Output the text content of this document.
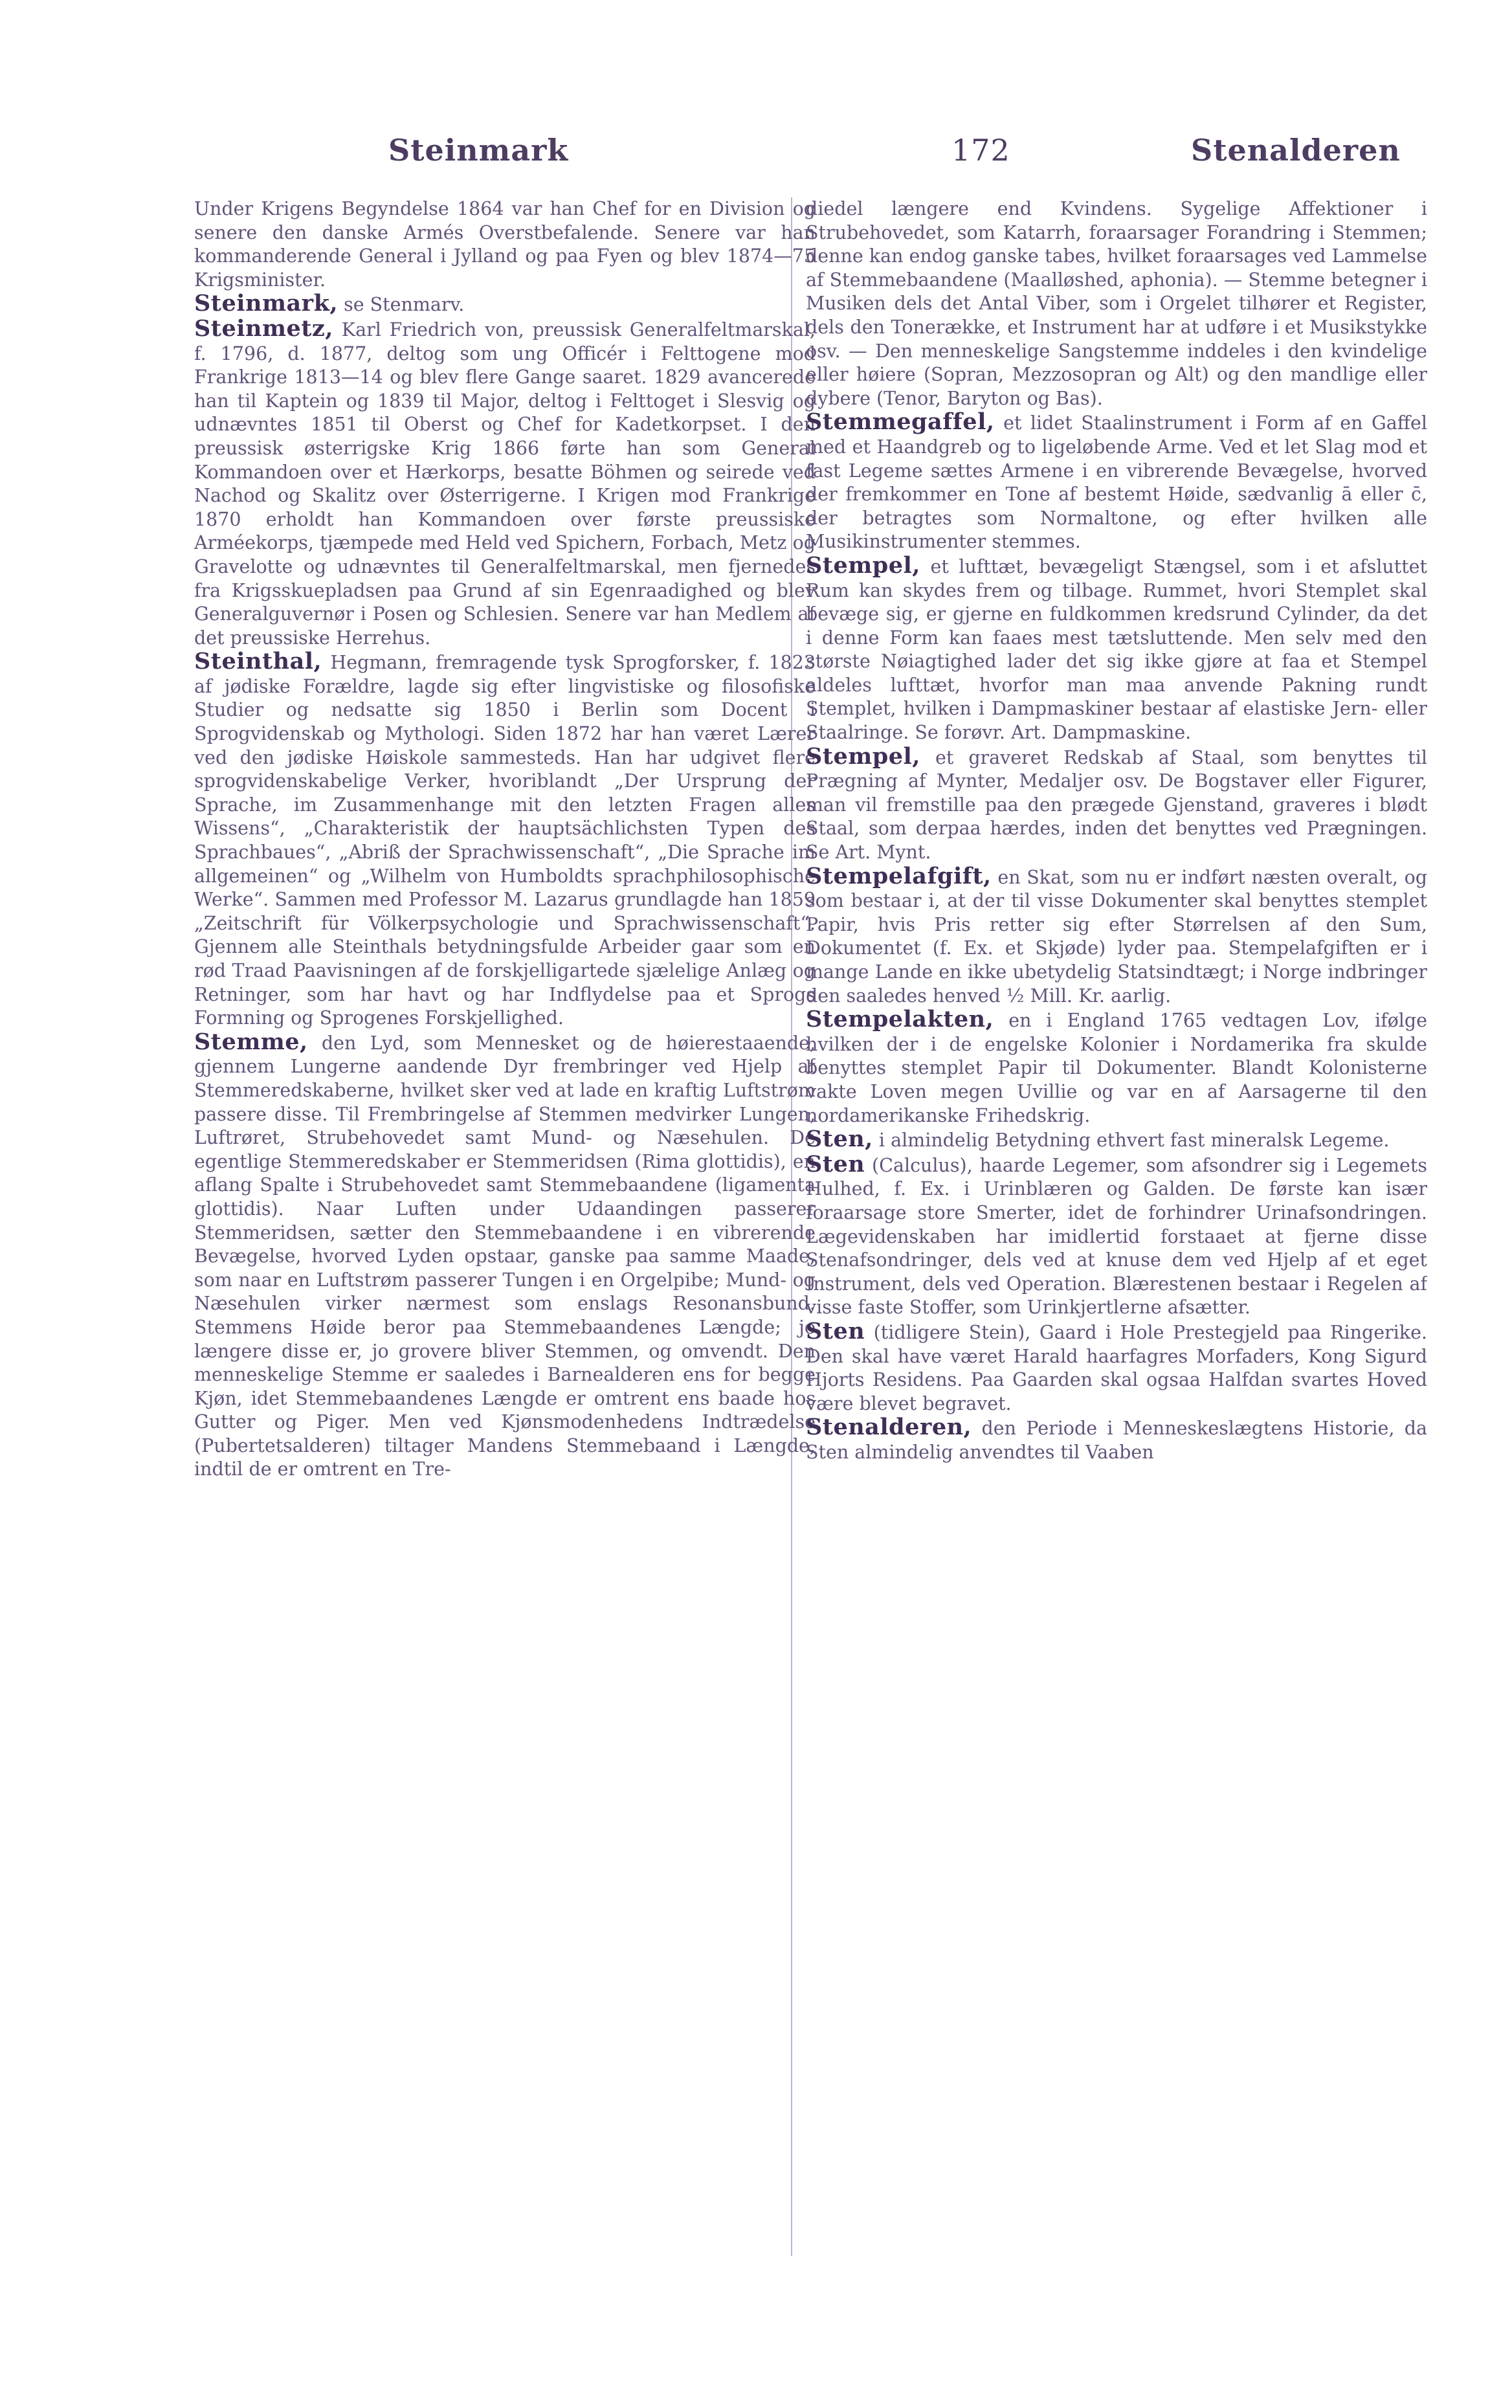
Steinmark	172	Stenalderen

Under Krigens Begyndelse 1864 var han Chef for en Division og senere den danske Armés Overstbefalende. Senere var han kommanderende General i Jylland og paa Fyen og blev 1874—75 Krigsminister.

Steinmark, se Stenmarv.

Steinmetz, Karl Friedrich von, preussisk Generalfeltmarskal, f. 1796, d. 1877, deltog som ung Officér i Felttogene mod Frankrige 1813—14 og blev flere Gange saaret. 1829 avancerede han til Kaptein og 1839 til Major, deltog i Felttoget i Slesvig og udnævntes 1851 til Oberst og Chef for Kadetkorpset. I den preussisk østerrigske Krig 1866 førte han som General Kommandoen over et Hærkorps, besatte Böhmen og seirede ved Nachod og Skalitz over Østerrigerne. I Krigen mod Frankrige 1870 erholdt han Kommandoen over første preussiske Arméekorps, tjæmpede med Held ved Spichern, Forbach, Metz og Gravelotte og udnævntes til Generalfeltmarskal, men fjernedes fra Krigsskuepladsen paa Grund af sin Egenraadighed og blev Generalguvernør i Posen og Schlesien. Senere var han Medlem af det preussiske Herrehus.

Steinthal, Hegmann, fremragende tysk Sprogforsker, f. 1823 af jødiske Forældre, lagde sig efter lingvistiske og filosofiske Studier og nedsatte sig 1850 i Berlin som Docent i Sprogvidenskab og Mythologi. Siden 1872 har han været Lærer ved den jødiske Høiskole sammesteds. Han har udgivet flere sprogvidenskabelige Verker, hvoriblandt „Der Ursprung der Sprache, im Zusammenhange mit den letzten Fragen alles Wissens“, „Charakteristik der hauptsächlichsten Typen des Sprachbaues“, „Abriß der Sprachwissenschaft“, „Die Sprache im allgemeinen“ og „Wilhelm von Humboldts sprachphilosophische Werke“. Sammen med Professor M. Lazarus grundlagde han 1859 „Zeitschrift für Völkerpsychologie und Sprachwissenschaft“. Gjennem alle Steinthals betydningsfulde Arbeider gaar som en rød Traad Paavisningen af de forskjelligartede sjælelige Anlæg og Retninger, som har havt og har Indflydelse paa et Sprogs Formning og Sprogenes Forskjellighed.

Stemme, den Lyd, som Mennesket og de høierestaaende, gjennem Lungerne aandende Dyr frembringer ved Hjelp af Stemmeredskaberne, hvilket sker ved at lade en kraftig Luftstrøm passere disse. Til Frembringelse af Stemmen medvirker Lungen, Luftrøret, Strubehovedet samt Mund- og Næsehulen. De egentlige Stemmeredskaber er Stemmeridsen (Rima glottidis), en aflang Spalte i Strubehovedet samt Stemmebaandene (ligamenta glottidis). Naar Luften under Udaandingen passerer Stemmeridsen, sætter den Stemmebaandene i en vibrerende Bevægelse, hvorved Lyden opstaar, ganske paa samme Maade, som naar en Luftstrøm passerer Tungen i en Orgelpibe; Mund- og Næsehulen virker nærmest som enslags Resonansbund. Stemmens Høide beror paa Stemmebaandenes Længde; jo længere disse er, jo grovere bliver Stemmen, og omvendt. Den menneskelige Stemme er saaledes i Barnealderen ens for begge Kjøn, idet Stemmebaandenes Længde er omtrent ens baade hos Gutter og Piger. Men ved Kjønsmodenhedens Indtrædelse (Pubertetsalderen) tiltager Mandens Stemmebaand i Længde, indtil de er omtrent en Tre-

diedel længere end Kvindens. Sygelige Affektioner i Strubehovedet, som Katarrh, foraarsager Forandring i Stemmen; denne kan endog ganske tabes, hvilket foraarsages ved Lammelse af Stemmebaandene (Maalløshed, aphonia). — Stemme betegner i Musiken dels det Antal Viber, som i Orgelet tilhører et Register, dels den Tonerække, et Instrument har at udføre i et Musikstykke osv. — Den menneskelige Sangstemme inddeles i den kvindelige eller høiere (Sopran, Mezzosopran og Alt) og den mandlige eller dybere (Tenor, Baryton og Bas).

Stemmegaffel, et lidet Staalinstrument i Form af en Gaffel med et Haandgreb og to ligeløbende Arme. Ved et let Slag mod et fast Legeme sættes Armene i en vibrerende Bevægelse, hvorved der fremkommer en Tone af bestemt Høide, sædvanlig ā eller c̄, der betragtes som Normaltone, og efter hvilken alle Musikinstrumenter stemmes.

Stempel, et lufttæt, bevægeligt Stængsel, som i et afsluttet Rum kan skydes frem og tilbage. Rummet, hvori Stemplet skal bevæge sig, er gjerne en fuldkommen kredsrund Cylinder, da det i denne Form kan faaes mest tætsluttende. Men selv med den største Nøiagtighed lader det sig ikke gjøre at faa et Stempel aldeles lufttæt, hvorfor man maa anvende Pakning rundt Stemplet, hvilken i Dampmaskiner bestaar af elastiske Jern- eller Staalringe. Se forøvr. Art. Dampmaskine.

Stempel, et graveret Redskab af Staal, som benyttes til Prægning af Mynter, Medaljer osv. De Bogstaver eller Figurer, man vil fremstille paa den prægede Gjenstand, graveres i blødt Staal, som derpaa hærdes, inden det benyttes ved Prægningen. Se Art. Mynt.

Stempelafgift, en Skat, som nu er indført næsten overalt, og som bestaar i, at der til visse Dokumenter skal benyttes stemplet Papir, hvis Pris retter sig efter Størrelsen af den Sum, Dokumentet (f. Ex. et Skjøde) lyder paa. Stempelafgiften er i mange Lande en ikke ubetydelig Statsindtægt; i Norge indbringer den saaledes henved ½ Mill. Kr. aarlig.

Stempelakten, en i England 1765 vedtagen Lov, ifølge hvilken der i de engelske Kolonier i Nordamerika fra skulde benyttes stemplet Papir til Dokumenter. Blandt Kolonisterne vakte Loven megen Uvillie og var en af Aarsagerne til den nordamerikanske Frihedskrig.

Sten, i almindelig Betydning ethvert fast mineralsk Legeme.

Sten (Calculus), haarde Legemer, som afsondrer sig i Legemets Hulhed, f. Ex. i Urinblæren og Galden. De første kan især foraarsage store Smerter, idet de forhindrer Urinafsondringen. Lægevidenskaben har imidlertid forstaaet at fjerne disse Stenafsondringer, dels ved at knuse dem ved Hjelp af et eget Instrument, dels ved Operation. Blærestenen bestaar i Regelen af visse faste Stoffer, som Urinkjertlerne afsætter.

Sten (tidligere Stein), Gaard i Hole Prestegjeld paa Ringerike. Den skal have været Harald haarfagres Morfaders, Kong Sigurd Hjorts Residens. Paa Gaarden skal ogsaa Halfdan svartes Hoved være blevet begravet.

Stenalderen, den Periode i Menneskeslægtens Historie, da Sten almindelig anvendtes til Vaaben
